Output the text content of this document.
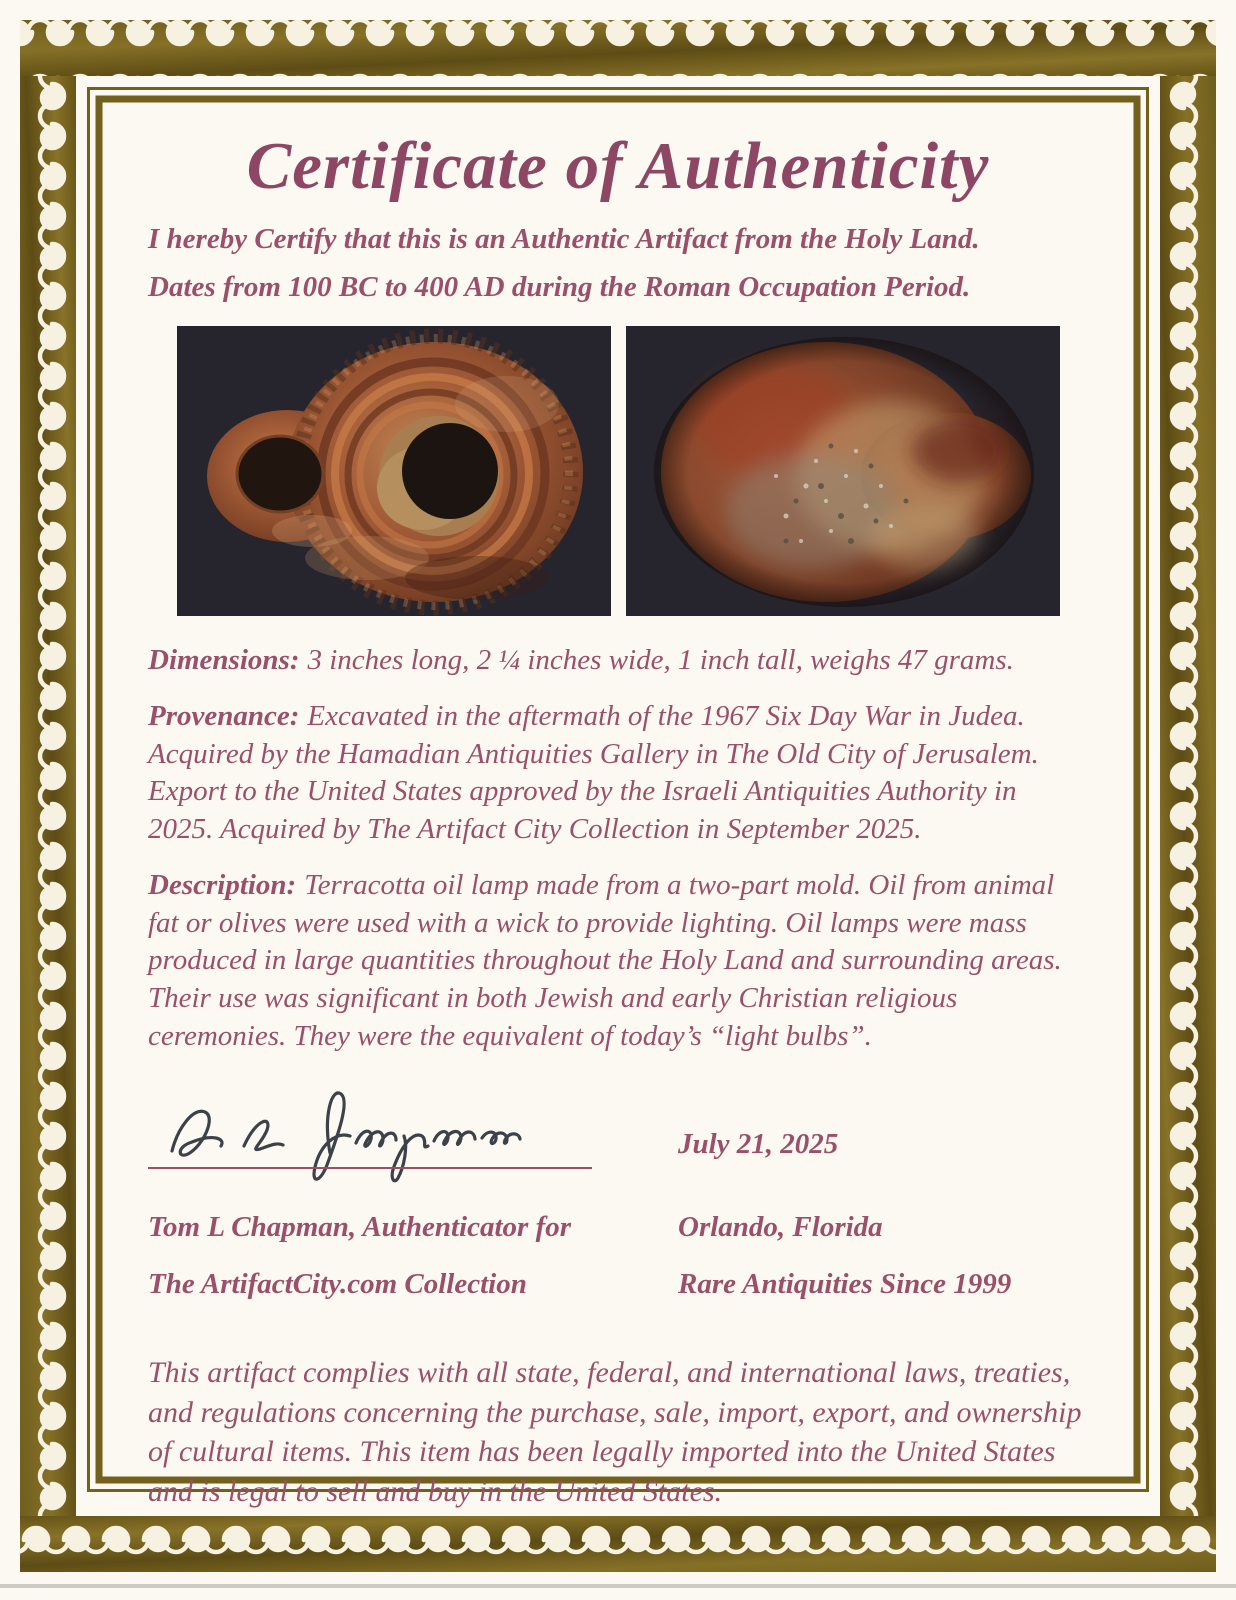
Certificate of Authenticity
I hereby Certify that this is an Authentic Artifact from the Holy Land.
Dates from 100 BC to 400 AD during the Roman Occupation Period.
Dimensions: 3 inches long, 2 ¼ inches wide, 1 inch tall, weighs 47 grams.
Provenance: Excavated in the aftermath of the 1967 Six Day War in Judea. Acquired by the Hamadian Antiquities Gallery in The Old City of Jerusalem. Export to the United States approved by the Israeli Antiquities Authority in 2025. Acquired by The Artifact City Collection in September 2025.
Description: Terracotta oil lamp made from a two-part mold. Oil from animal fat or olives were used with a wick to provide lighting. Oil lamps were mass produced in large quantities throughout the Holy Land and surrounding areas. Their use was significant in both Jewish and early Christian religious ceremonies. They were the equivalent of today’s “light bulbs”.
July 21, 2025
Tom L Chapman, Authenticator for	Orlando, Florida
The ArtifactCity.com Collection	Rare Antiquities Since 1999
This artifact complies with all state, federal, and international laws, treaties, and regulations concerning the purchase, sale, import, export, and ownership of cultural items. This item has been legally imported into the United States and is legal to sell and buy in the United States.
